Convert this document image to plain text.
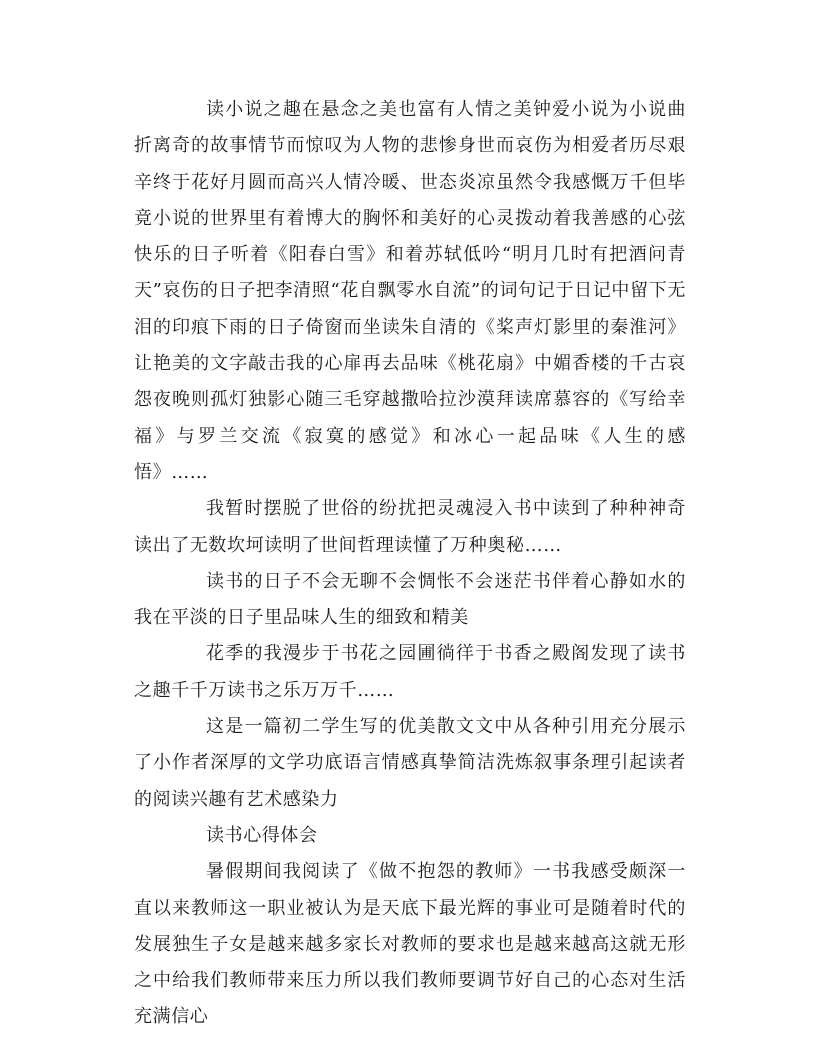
读小说之趣在悬念之美也富有人情之美钟爱小说为小说曲折离奇的故事情节而惊叹为人物的悲惨身世而哀伤为相爱者历尽艰辛终于花好月圆而高兴人情冷暖、世态炎凉虽然令我感慨万千但毕竟小说的世界里有着博大的胸怀和美好的心灵拨动着我善感的心弦快乐的日子听着《阳春白雪》和着苏轼低吟“明月几时有把酒问青天”哀伤的日子把李清照“花自飘零水自流”的词句记于日记中留下无泪的印痕下雨的日子倚窗而坐读朱自清的《桨声灯影里的秦淮河》让艳美的文字敲击我的心扉再去品味《桃花扇》中媚香楼的千古哀怨夜晚则孤灯独影心随三毛穿越撒哈拉沙漠拜读席慕容的《写给幸福》与罗兰交流《寂寞的感觉》和冰心一起品味《人生的感悟》……

我暂时摆脱了世俗的纷扰把灵魂浸入书中读到了种种神奇读出了无数坎坷读明了世间哲理读懂了万种奥秘……

读书的日子不会无聊不会惆怅不会迷茫书伴着心静如水的我在平淡的日子里品味人生的细致和精美

花季的我漫步于书花之园圃徜徉于书香之殿阁发现了读书之趣千千万读书之乐万万千……

这是一篇初二学生写的优美散文文中从各种引用充分展示了小作者深厚的文学功底语言情感真挚简洁洗炼叙事条理引起读者的阅读兴趣有艺术感染力

读书心得体会

暑假期间我阅读了《做不抱怨的教师》一书我感受颇深一直以来教师这一职业被认为是天底下最光辉的事业可是随着时代的发展独生子女是越来越多家长对教师的要求也是越来越高这就无形之中给我们教师带来压力所以我们教师要调节好自己的心态对生活充满信心
